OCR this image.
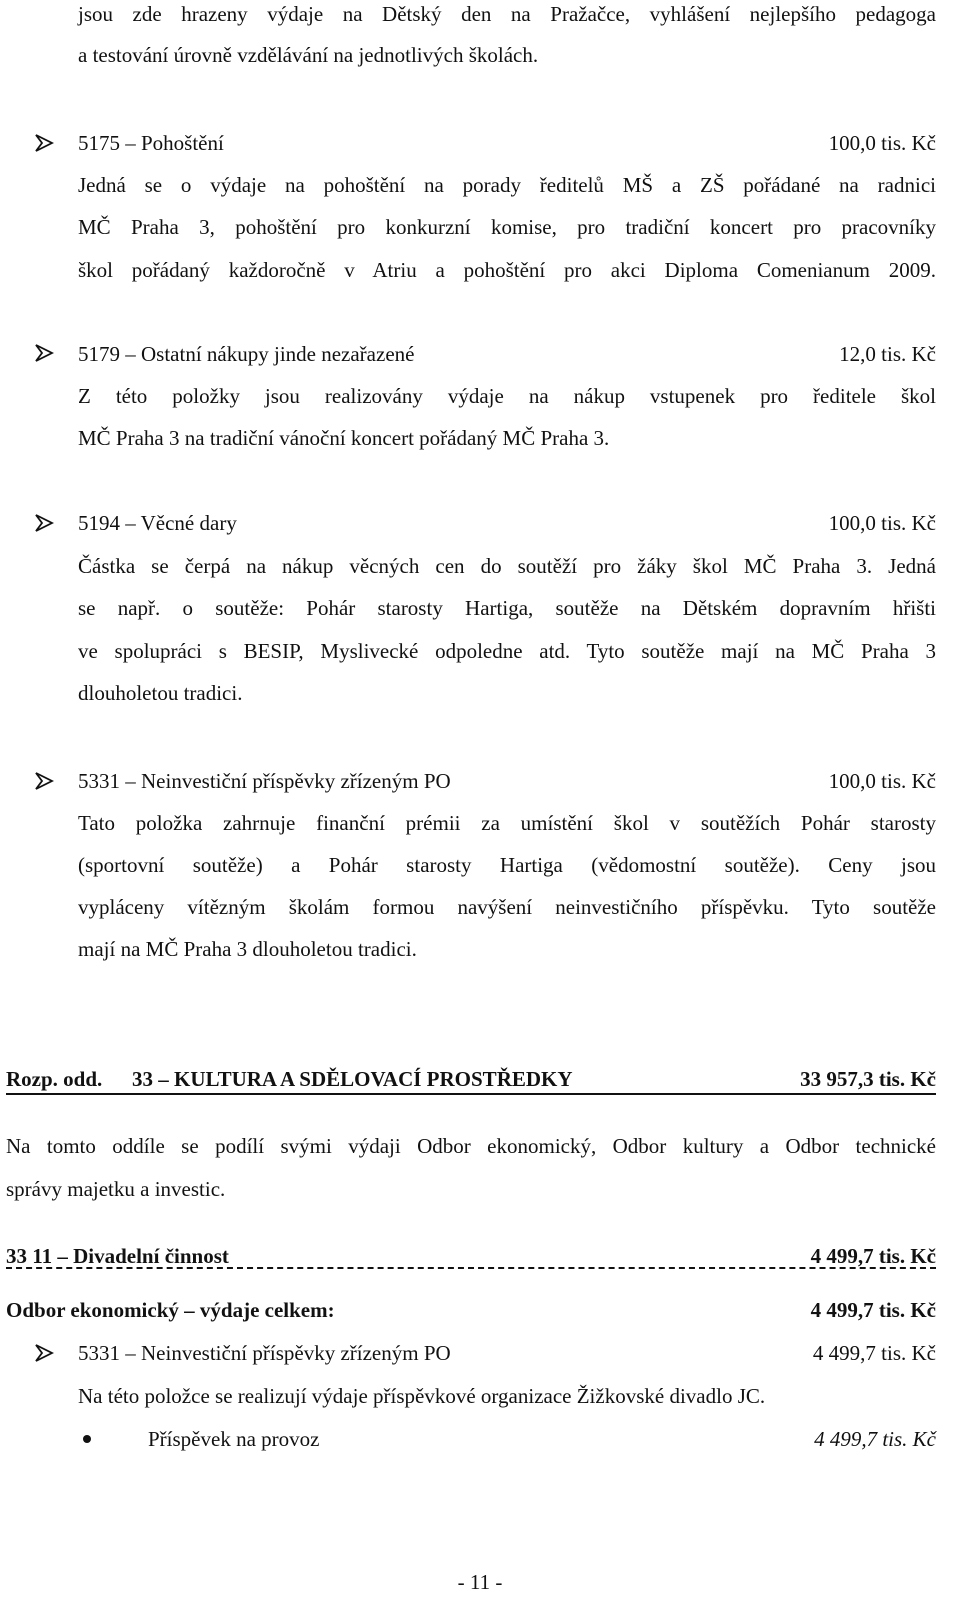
jsou zde hrazeny výdaje na Dětský den na Pražačce, vyhlášení nejlepšího pedagoga
a testování úrovně vzdělávání na jednotlivých školách.
5175 – Pohoštění	100,0 tis. Kč
Jedná se o výdaje na pohoštění na porady ředitelů MŠ a ZŠ pořádané na radnici
MČ Praha 3, pohoštění pro konkurzní komise, pro tradiční koncert pro pracovníky
škol pořádaný každoročně v Atriu a pohoštění pro akci Diploma Comenianum 2009.
5179 – Ostatní nákupy jinde nezařazené	12,0 tis. Kč
Z této položky jsou realizovány výdaje na nákup vstupenek pro ředitele škol
MČ Praha 3 na tradiční vánoční koncert pořádaný MČ Praha 3.
5194 – Věcné dary	100,0 tis. Kč
Částka se čerpá na nákup věcných cen do soutěží pro žáky škol MČ Praha 3. Jedná
se např. o soutěže: Pohár starosty Hartiga, soutěže na Dětském dopravním hřišti
ve spolupráci s BESIP, Myslivecké odpoledne atd. Tyto soutěže mají na MČ Praha 3
dlouholetou tradici.
5331 – Neinvestiční příspěvky zřízeným PO	100,0 tis. Kč
Tato položka zahrnuje finanční prémii za umístění škol v soutěžích Pohár starosty
(sportovní soutěže) a Pohár starosty Hartiga (vědomostní soutěže). Ceny jsou
vypláceny vítězným školám formou navýšení neinvestičního příspěvku. Tyto soutěže
mají na MČ Praha 3 dlouholetou tradici.
Rozp. odd. 33 – KULTURA A SDĚLOVACÍ PROSTŘEDKY	33 957,3 tis. Kč
Na tomto oddíle se podílí svými výdaji Odbor ekonomický, Odbor kultury a Odbor technické
správy majetku a investic.
33 11 – Divadelní činnost	4 499,7 tis. Kč
Odbor ekonomický – výdaje celkem:	4 499,7 tis. Kč
5331 – Neinvestiční příspěvky zřízeným PO	4 499,7 tis. Kč
Na této položce se realizují výdaje příspěvkové organizace Žižkovské divadlo JC.
Příspěvek na provoz	4 499,7 tis. Kč
- 11 -
